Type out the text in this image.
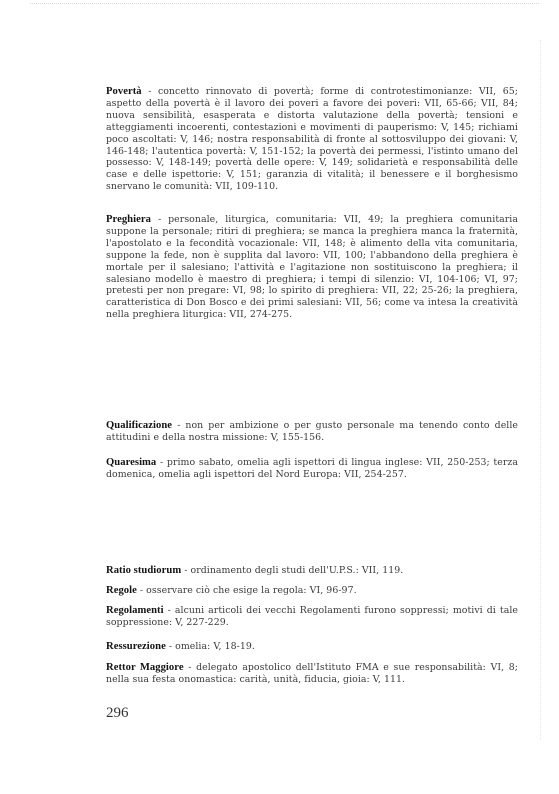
Povertà - concetto rinnovato di povertà; forme di controtestimonianze: VII, 65; aspetto della povertà è il lavoro dei poveri a favore dei poveri: VII, 65-66; VII, 84; nuova sensibilità, esasperata e distorta valutazione della povertà; tensioni e atteggiamenti incoerenti, contestazioni e movimenti di pauperismo: V, 145; richiami poco ascoltati: V, 146; nostra responsabilità di fronte al sottosviluppo dei giovani: V, 146-148; l'autentica povertà: V, 151-152; la povertà dei permessi, l'istinto umano del possesso: V, 148-149; povertà delle opere: V, 149; solidarietà e responsabilità delle case e delle ispettorie: V, 151; garanzia di vitalità; il benessere e il borghesismo snervano le comunità: VII, 109-110.
Preghiera - personale, liturgica, comunitaria: VII, 49; la preghiera comunitaria suppone la personale; ritiri di preghiera; se manca la preghiera manca la fraternità, l'apostolato e la fecondità vocazionale: VII, 148; è alimento della vita comunitaria, suppone la fede, non è supplita dal lavoro: VII, 100; l'abbandono della preghiera è mortale per il salesiano; l'attività e l'agitazione non sostituiscono la preghiera; il salesiano modello è maestro di preghiera; i tempi di silenzio: VI, 104-106; VI, 97; pretesti per non pregare: VI, 98; lo spirito di preghiera: VII, 22; 25-26; la preghiera, caratteristica di Don Bosco e dei primi salesiani: VII, 56; come va intesa la creatività nella preghiera liturgica: VII, 274-275.
Qualificazione - non per ambizione o per gusto personale ma tenendo conto delle attitudini e della nostra missione: V, 155-156.
Quaresima - primo sabato, omelia agli ispettori di lingua inglese: VII, 250-253; terza domenica, omelia agli ispettori del Nord Europa: VII, 254-257.
Ratio studiorum - ordinamento degli studi dell'U.P.S.: VII, 119.
Regole - osservare ciò che esige la regola: VI, 96-97.
Regolamenti - alcuni articoli dei vecchi Regolamenti furono soppressi; motivi di tale soppressione: V, 227-229.
Ressurezione - omelia: V, 18-19.
Rettor Maggiore - delegato apostolico dell'Istituto FMA e sue responsabilità: VI, 8; nella sua festa onomastica: carità, unità, fiducia, gioia: V, 111.
296
